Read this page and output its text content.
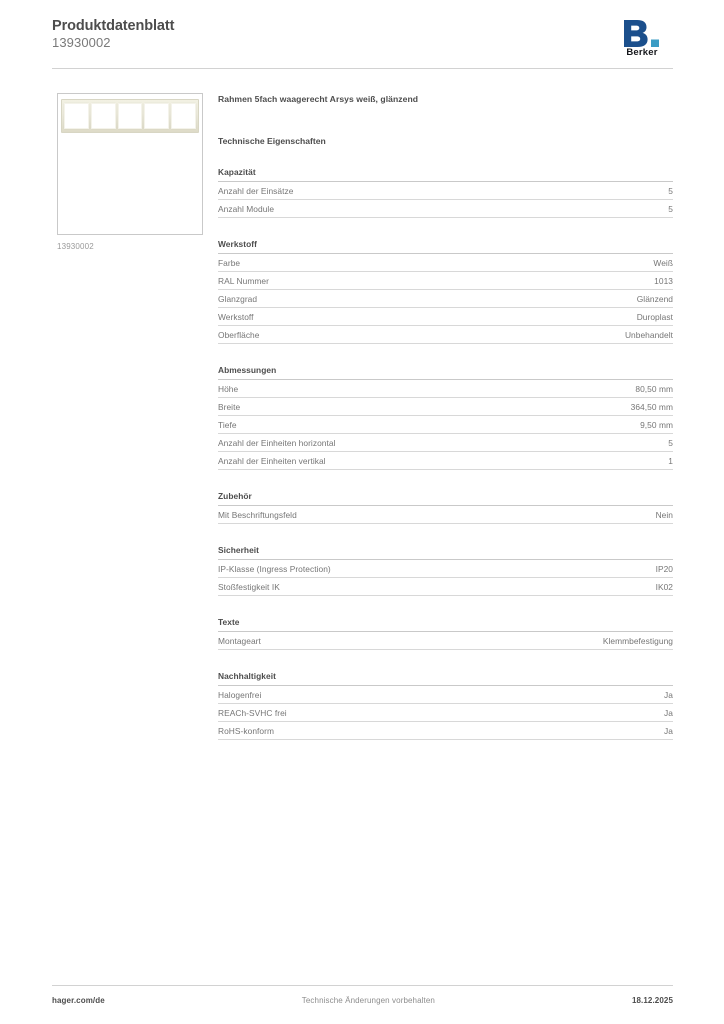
Produktdatenblatt
13930002
Berker
13930002
Rahmen 5fach waagerecht Arsys weiß, glänzend
Technische Eigenschaften
Kapazität
Anzahl der Einsätze	5
Anzahl Module	5
Werkstoff
Farbe	Weiß
RAL Nummer	1013
Glanzgrad	Glänzend
Werkstoff	Duroplast
Oberfläche	Unbehandelt
Abmessungen
Höhe	80,50 mm
Breite	364,50 mm
Tiefe	9,50 mm
Anzahl der Einheiten horizontal	5
Anzahl der Einheiten vertikal	1
Zubehör
Mit Beschriftungsfeld	Nein
Sicherheit
IP-Klasse (Ingress Protection)	IP20
Stoßfestigkeit IK	IK02
Texte
Montageart	Klemmbefestigung
Nachhaltigkeit
Halogenfrei	Ja
REACh-SVHC frei	Ja
RoHS-konform	Ja
hager.com/de	Technische Änderungen vorbehalten	18.12.2025
